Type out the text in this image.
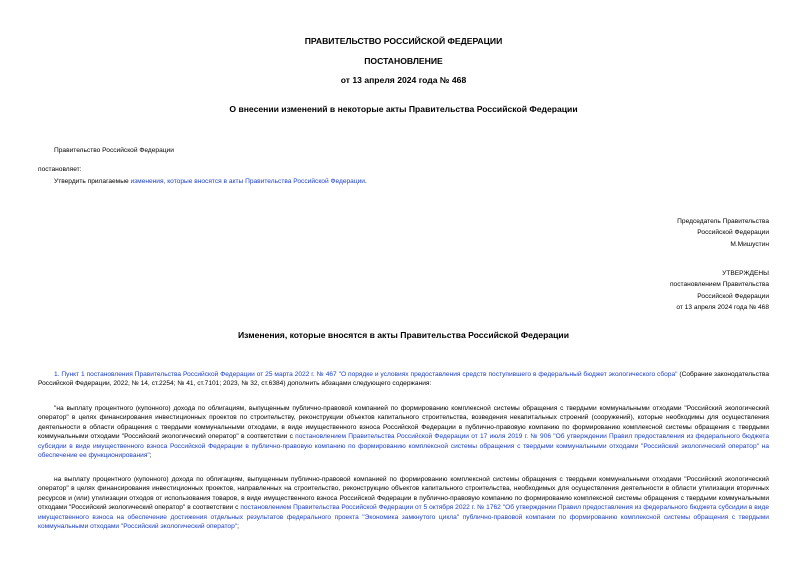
ПРАВИТЕЛЬСТВО РОССИЙСКОЙ ФЕДЕРАЦИИ
ПОСТАНОВЛЕНИЕ
от 13 апреля 2024 года № 468
О внесении изменений в некоторые акты Правительства Российской Федерации
Правительство Российской Федерации
постановляет:
Утвердить прилагаемые изменения, которые вносятся в акты Правительства Российской Федерации.
Председатель Правительства
Российской Федерации
М.Мишустин
УТВЕРЖДЕНЫ
постановлением Правительства
Российской Федерации
от 13 апреля 2024 года № 468
Изменения, которые вносятся в акты Правительства Российской Федерации
1. Пункт 1 постановления Правительства Российской Федерации от 25 марта 2022 г. № 467 "О порядке и условиях предоставления средств поступившего в федеральный бюджет экологического сбора" (Собрание законодательства Российской Федерации, 2022, № 14, ст.2254; № 41, ст.7101; 2023, № 32, ст.6384) дополнить абзацами следующего содержания:
"на выплату процентного (купонного) дохода по облигациям, выпущенным публично-правовой компанией по формированию комплексной системы обращения с твердыми коммунальными отходами "Российский экологический оператор" в целях финансирования инвестиционных проектов по строительству, реконструкции объектов капитального строительства, возведения некапитальных строений (сооружений), которые необходимы для осуществления деятельности в области обращения с твердыми коммунальными отходами, в виде имущественного взноса Российской Федерации в публично-правовую компанию по формированию комплексной системы обращения с твердыми коммунальными отходами "Российский экологический оператор" в соответствии с постановлением Правительства Российской Федерации от 17 июля 2019 г. № 906 "Об утверждении Правил предоставления из федерального бюджета субсидии в виде имущественного взноса Российской Федерации в публично-правовую компанию по формированию комплексной системы обращения с твердыми коммунальными отходами "Российский экологический оператор" на обеспечение ее функционирования";
на выплату процентного (купонного) дохода по облигациям, выпущенным публично-правовой компанией по формированию комплексной системы обращения с твердыми коммунальными отходами "Российский экологический оператор" в целях финансирования инвестиционных проектов, направленных на строительство, реконструкцию объектов капитального строительства, необходимых для осуществления деятельности в области утилизации вторичных ресурсов и (или) утилизации отходов от использования товаров, в виде имущественного взноса Российской Федерации в публично-правовую компанию по формированию комплексной системы обращения с твердыми коммунальными отходами "Российский экологический оператор" в соответствии с постановлением Правительства Российской Федерации от 5 октября 2022 г. № 1762 "Об утверждении Правил предоставления из федерального бюджета субсидии в виде имущественного взноса на обеспечение достижения отдельных результатов федерального проекта "Экономика замкнутого цикла" публично-правовой компании по формированию комплексной системы обращения с твердыми коммунальными отходами "Российский экологический оператор";
